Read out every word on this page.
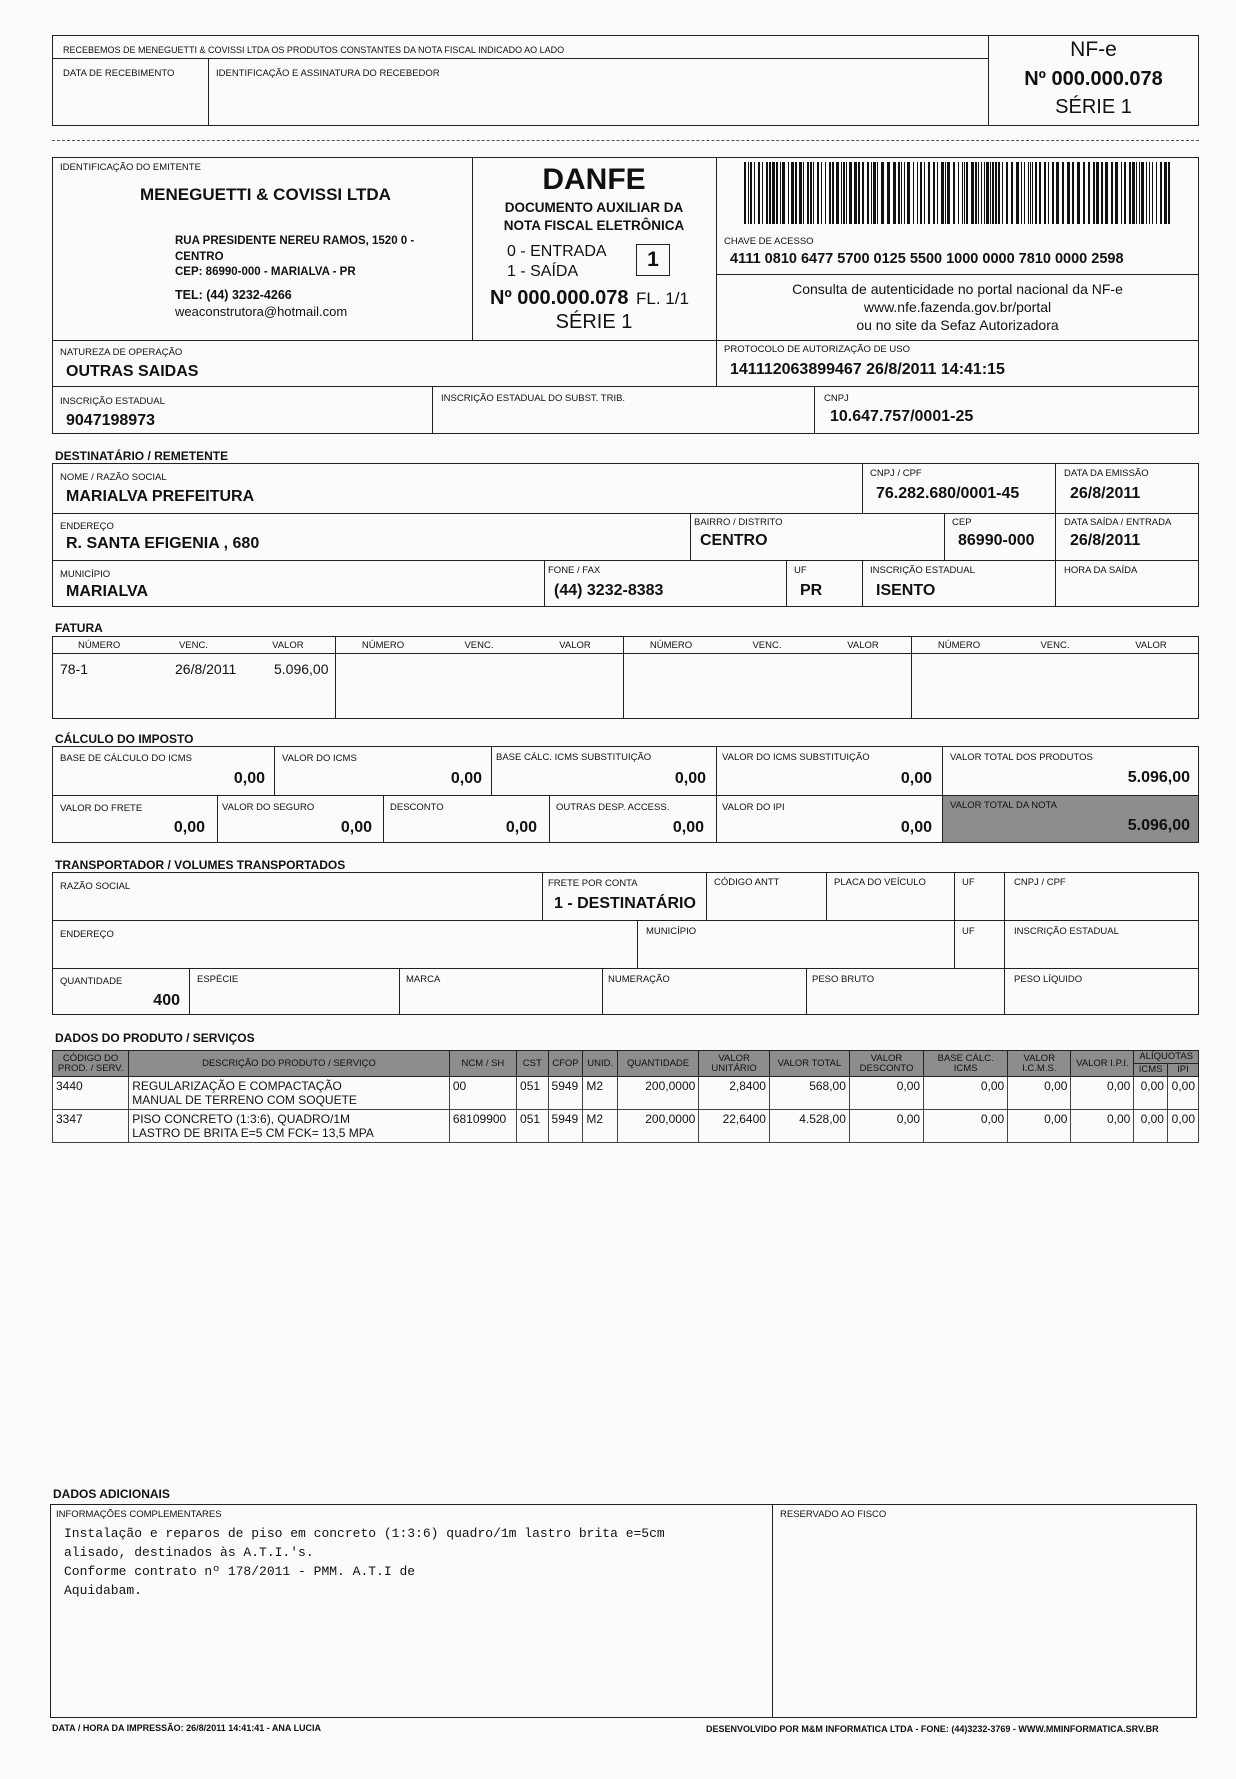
RECEBEMOS DE MENEGUETTI & COVISSI LTDA OS PRODUTOS CONSTANTES DA NOTA FISCAL INDICADO AO LADO
DATA DE RECEBIMENTO	IDENTIFICAÇÃO E ASSINATURA DO RECEBEDOR
NF-e
Nº 000.000.078
SÉRIE 1
IDENTIFICAÇÃO DO EMITENTE
MENEGUETTI & COVISSI LTDA
RUA PRESIDENTE NEREU RAMOS, 1520 0 -
CENTRO
CEP: 86990-000 - MARIALVA - PR
TEL: (44) 3232-4266
weaconstrutora@hotmail.com
DANFE
DOCUMENTO AUXILIAR DA
NOTA FISCAL ELETRÔNICA
0 - ENTRADA
1 - SAÍDA
1
Nº 000.000.078 FL. 1/1
SÉRIE 1
CHAVE DE ACESSO
4111 0810 6477 5700 0125 5500 1000 0000 7810 0000 2598
Consulta de autenticidade no portal nacional da NF-e
www.nfe.fazenda.gov.br/portal
ou no site da Sefaz Autorizadora
NATUREZA DE OPERAÇÃO
OUTRAS SAIDAS
PROTOCOLO DE AUTORIZAÇÃO DE USO
141112063899467 26/8/2011 14:41:15
INSCRIÇÃO ESTADUAL
9047198973
INSCRIÇÃO ESTADUAL DO SUBST. TRIB.	CNPJ
10.647.757/0001-25
DESTINATÁRIO / REMETENTE
NOME / RAZÃO SOCIAL
MARIALVA PREFEITURA
CNPJ / CPF
76.282.680/0001-45
DATA DA EMISSÃO
26/8/2011
ENDEREÇO
R. SANTA EFIGENIA , 680
BAIRRO / DISTRITO
CENTRO
CEP
86990-000
DATA SAÍDA / ENTRADA
26/8/2011
MUNICÍPIO
MARIALVA
FONE / FAX
(44) 3232-8383
UF
PR
INSCRIÇÃO ESTADUAL
ISENTO
HORA DA SAÍDA
FATURA
NÚMERO	VENC.	VALOR	NÚMERO	VENC.	VALOR	NÚMERO	VENC.	VALOR	NÚMERO	VENC.	VALOR
78-1	26/8/2011	5.096,00
CÁLCULO DO IMPOSTO
BASE DE CÁLCULO DO ICMS
0,00
VALOR DO ICMS
0,00
BASE CÁLC. ICMS SUBSTITUIÇÃO
0,00
VALOR DO ICMS SUBSTITUIÇÃO
0,00
VALOR TOTAL DOS PRODUTOS
5.096,00
VALOR DO FRETE
0,00
VALOR DO SEGURO
0,00
DESCONTO
0,00
OUTRAS DESP. ACCESS.
0,00
VALOR DO IPI
0,00
VALOR TOTAL DA NOTA
5.096,00
TRANSPORTADOR / VOLUMES TRANSPORTADOS
RAZÃO SOCIAL	FRETE POR CONTA
1 - DESTINATÁRIO
CÓDIGO ANTT	PLACA DO VEÍCULO	UF	CNPJ / CPF
ENDEREÇO	MUNICÍPIO	UF	INSCRIÇÃO ESTADUAL
QUANTIDADE
400
ESPÉCIE	MARCA	NUMERAÇÃO	PESO BRUTO	PESO LÍQUIDO
DADOS DO PRODUTO / SERVIÇOS
CÓDIGO DO PROD. / SERV.	DESCRIÇÃO DO PRODUTO / SERVIÇO	NCM / SH	CST	CFOP	UNID.	QUANTIDADE	VALOR UNITÁRIO	VALOR TOTAL	VALOR DESCONTO	BASE CÁLC. ICMS	VALOR I.C.M.S.	VALOR I.P.I.	ALÍQUOTAS	
													ICMS	IPI
3440	REGULARIZAÇÃO E COMPACTAÇÃO
MANUAL DE TERRENO COM SOQUETE	00	051	5949	M2	200,0000	2,8400	568,00	0,00	0,00	0,00	0,00	0,00	0,00
3347	PISO CONCRETO (1:3:6), QUADRO/1M
LASTRO DE BRITA E=5 CM FCK= 13,5 MPA	68109900	051	5949	M2	200,0000	22,6400	4.528,00	0,00	0,00	0,00	0,00	0,00	0,00
DADOS ADICIONAIS
INFORMAÇÕES COMPLEMENTARES
Instalação e reparos de piso em concreto (1:3:6) quadro/1m lastro brita e=5cm
alisado, destinados às A.T.I.'s.
Conforme contrato nº 178/2011 - PMM. A.T.I de
Aquidabam.
RESERVADO AO FISCO
DATA / HORA DA IMPRESSÃO: 26/8/2011 14:41:41 - ANA LUCIA	DESENVOLVIDO POR M&M INFORMATICA LTDA - FONE: (44)3232-3769 - WWW.MMINFORMATICA.SRV.BR
